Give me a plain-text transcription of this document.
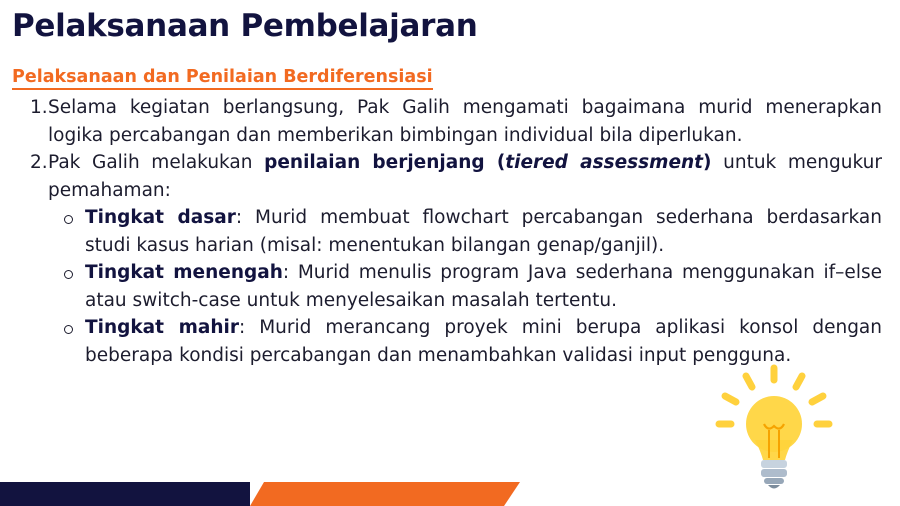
Pelaksanaan Pembelajaran
Pelaksanaan dan Penilaian Berdiferensiasi
1. Selama kegiatan berlangsung, Pak Galih mengamati bagaimana murid menerapkan logika percabangan dan memberikan bimbingan individual bila diperlukan.
2. Pak Galih melakukan penilaian berjenjang (tiered assessment) untuk mengukur pemahaman:
Tingkat dasar: Murid membuat flowchart percabangan sederhana berdasarkan studi kasus harian (misal: menentukan bilangan genap/ganjil).
Tingkat menengah: Murid menulis program Java sederhana menggunakan if–else atau switch-case untuk menyelesaikan masalah tertentu.
Tingkat mahir: Murid merancang proyek mini berupa aplikasi konsol dengan beberapa kondisi percabangan dan menambahkan validasi input pengguna.
